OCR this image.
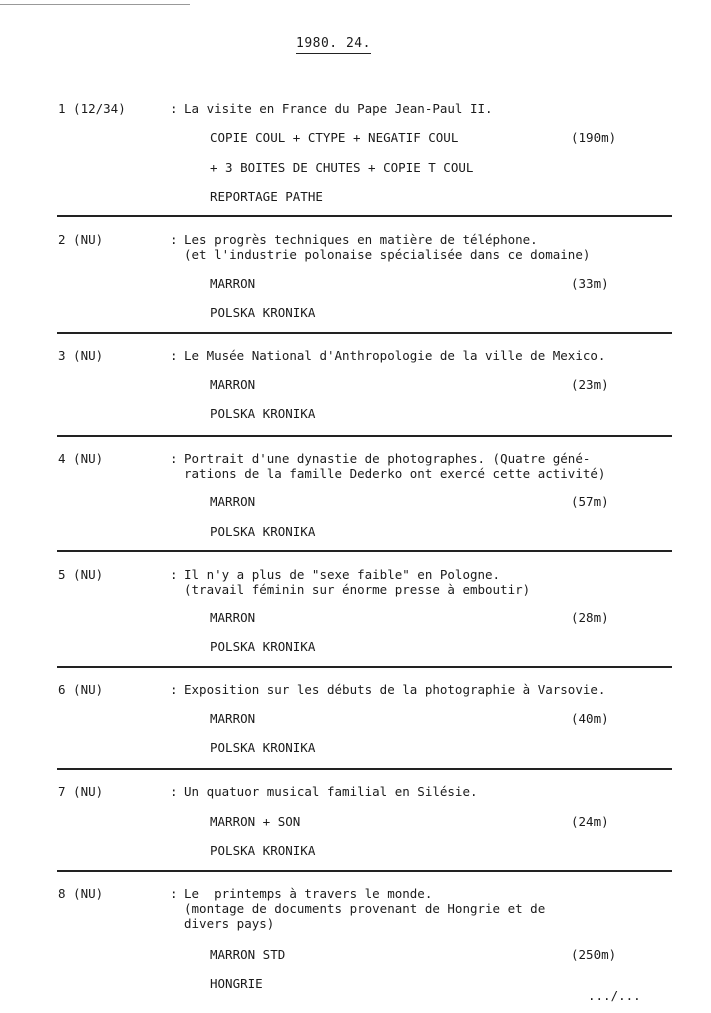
1980. 24.
1 (12/34)	: La visite en France du Pape Jean-Paul II.
COPIE COUL + CTYPE + NEGATIF COUL	(190m)
+ 3 BOITES DE CHUTES + COPIE T COUL
REPORTAGE PATHE
2 (NU)	: Les progrès techniques en matière de téléphone.
(et l'industrie polonaise spécialisée dans ce domaine)
MARRON	(33m)
POLSKA KRONIKA
3 (NU)	: Le Musée National d'Anthropologie de la ville de Mexico.
MARRON	(23m)
POLSKA KRONIKA
4 (NU)	: Portrait d'une dynastie de photographes. (Quatre géné-
rations de la famille Dederko ont exercé cette activité)
MARRON	(57m)
POLSKA KRONIKA
5 (NU)	: Il n'y a plus de "sexe faible" en Pologne.
(travail féminin sur énorme presse à emboutir)
MARRON	(28m)
POLSKA KRONIKA
6 (NU)	: Exposition sur les débuts de la photographie à Varsovie.
MARRON	(40m)
POLSKA KRONIKA
7 (NU)	: Un quatuor musical familial en Silésie.
MARRON + SON	(24m)
POLSKA KRONIKA
8 (NU)	: Le  printemps à travers le monde.
(montage de documents provenant de Hongrie et de
divers pays)
MARRON STD	(250m)
HONGRIE
.../...
